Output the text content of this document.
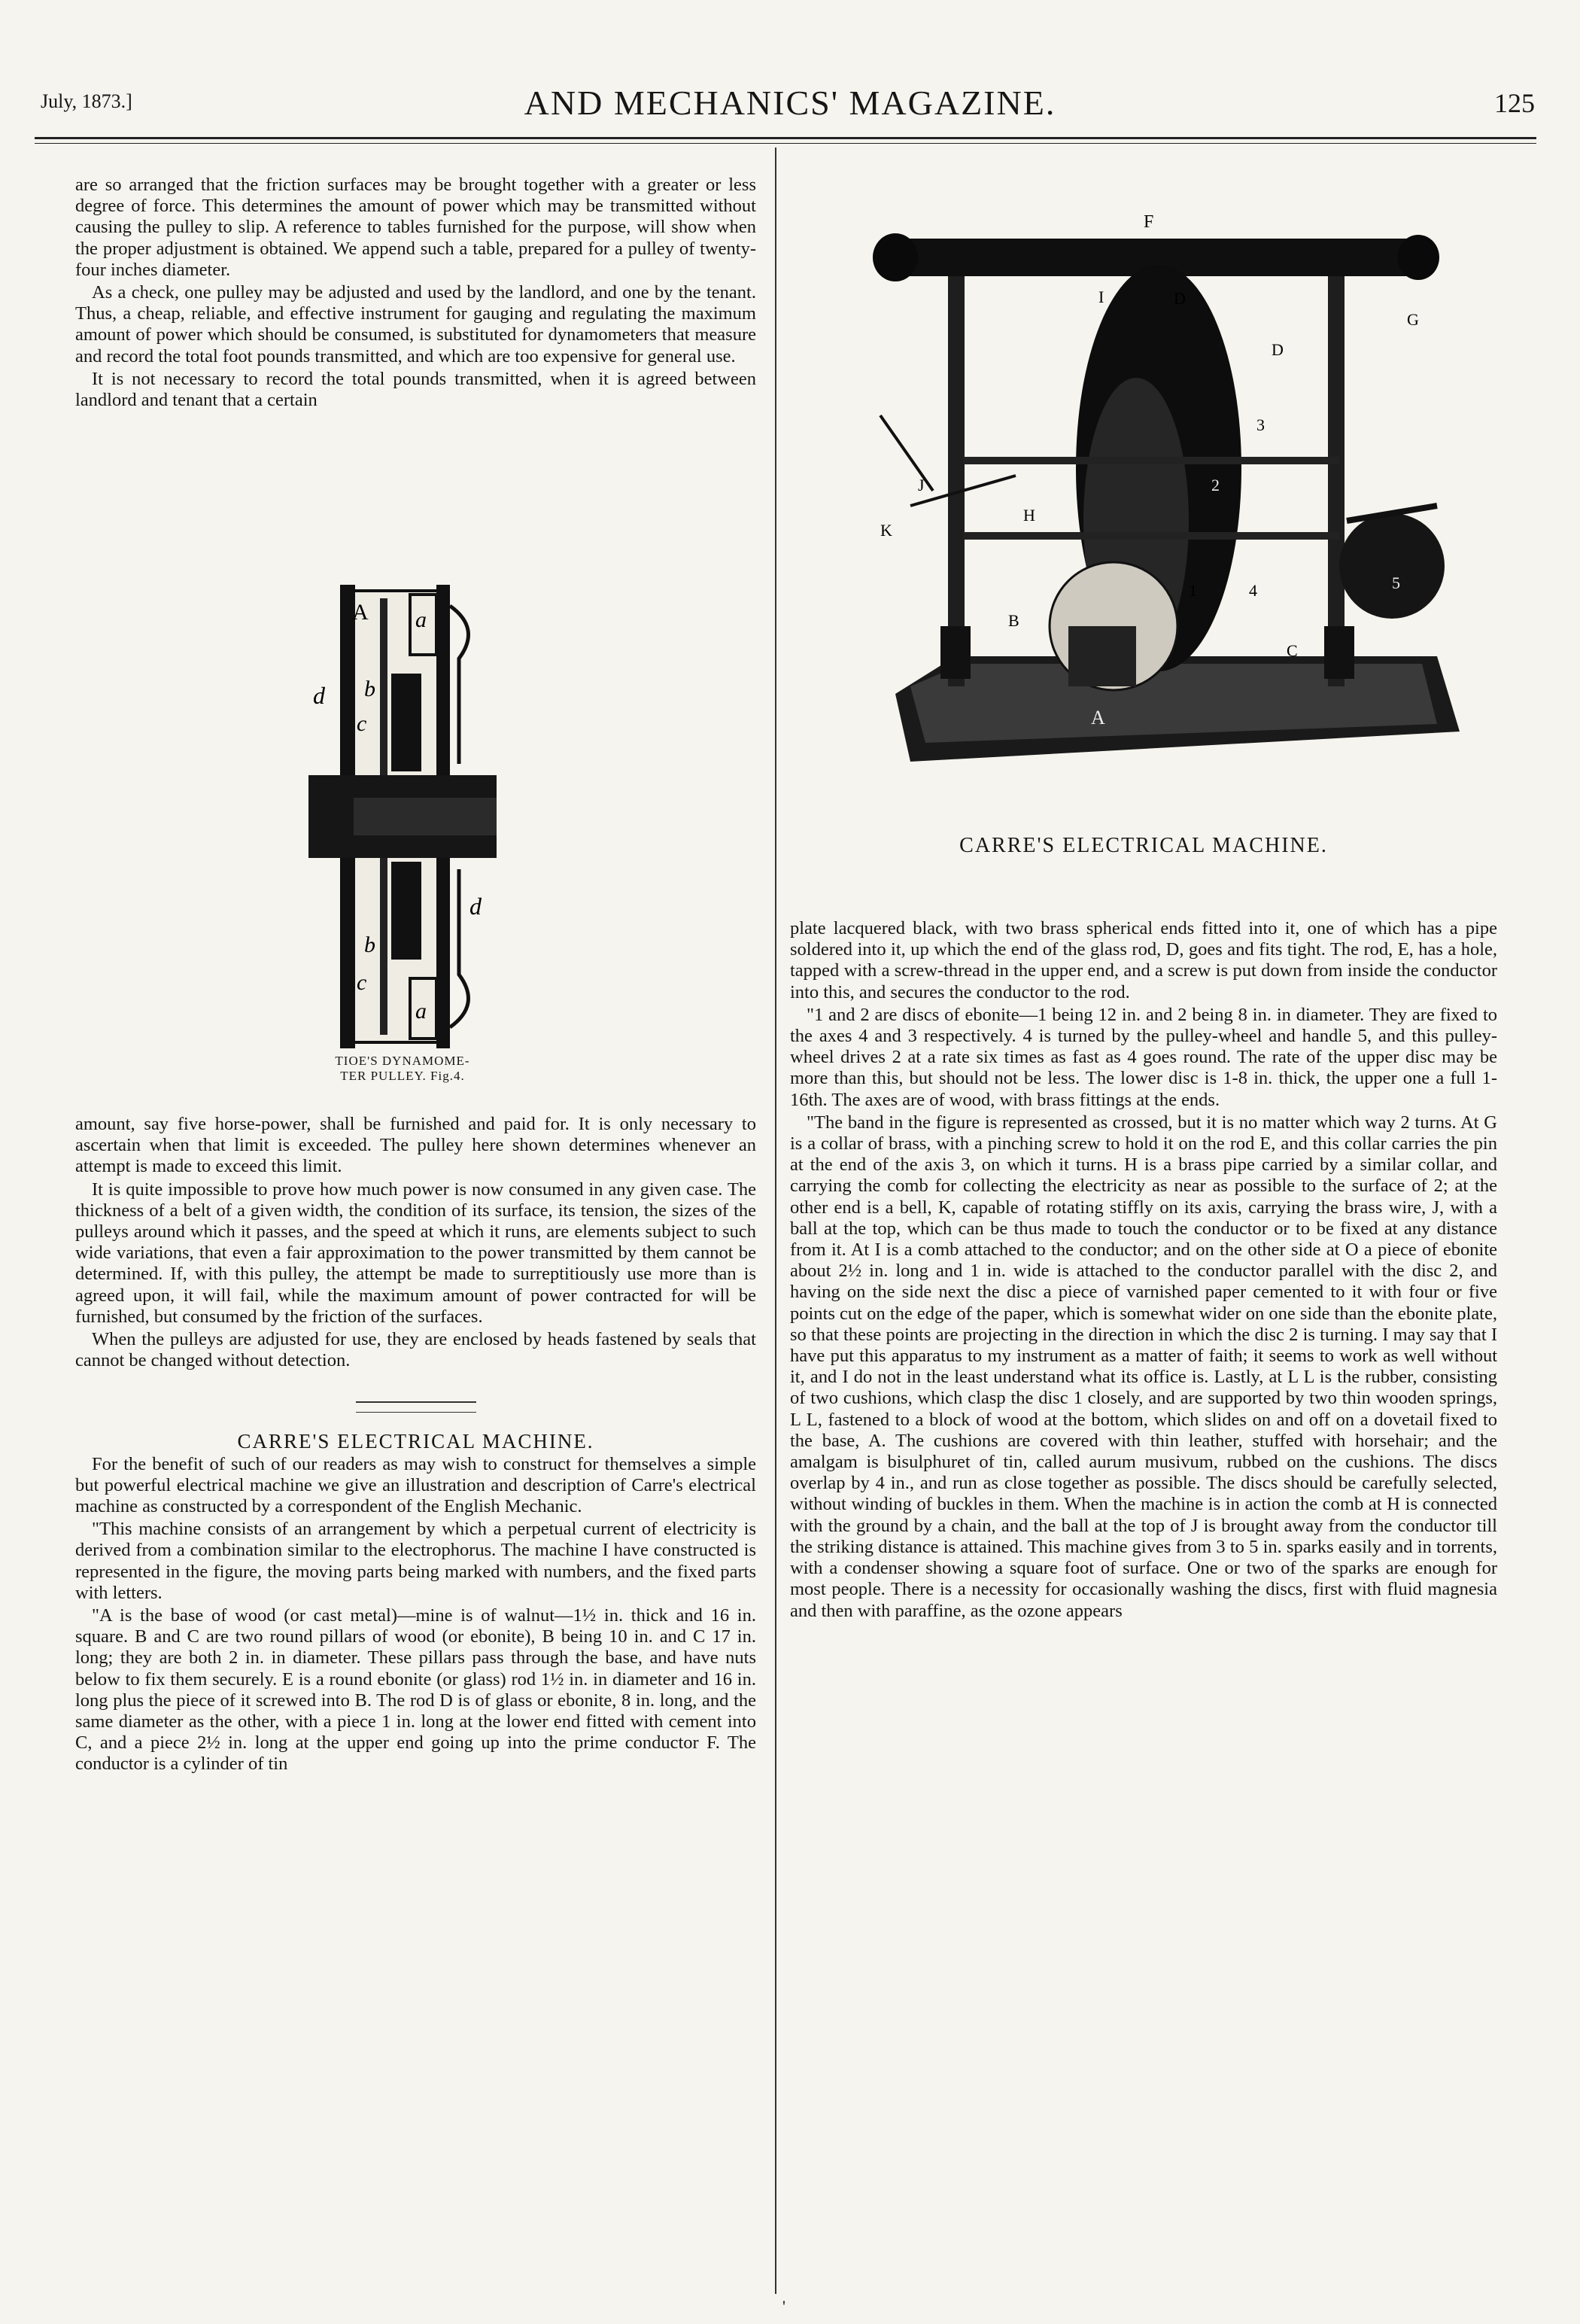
July, 1873.]	AND MECHANICS' MAGAZINE.	125

are so arranged that the friction surfaces may be brought together with a greater or less degree of force. This determines the amount of power which may be transmitted without causing the pulley to slip. A reference to tables furnished for the purpose, will show when the proper adjustment is obtained. We append such a table, prepared for a pulley of twenty-four inches diameter.

As a check, one pulley may be adjusted and used by the landlord, and one by the tenant. Thus, a cheap, reliable, and effective instrument for gauging and regulating the maximum amount of power which should be consumed, is substituted for dynamometers that measure and record the total foot pounds transmitted, and which are too expensive for general use.

It is not necessary to record the total pounds transmitted, when it is agreed between landlord and tenant that a certain

A a
d b
c
d
b
c
a
TIOE'S DYNAMOME-
TER PULLEY. Fig.4.

amount, say five horse-power, shall be furnished and paid for. It is only necessary to ascertain when that limit is exceeded. The pulley here shown determines whenever an attempt is made to exceed this limit.

It is quite impossible to prove how much power is now consumed in any given case. The thickness of a belt of a given width, the condition of its surface, its tension, the sizes of the pulleys around which it passes, and the speed at which it runs, are elements subject to such wide variations, that even a fair approximation to the power transmitted by them cannot be determined. If, with this pulley, the attempt be made to surreptitiously use more than is agreed upon, it will fail, while the maximum amount of power contracted for will be furnished, but consumed by the friction of the surfaces.

When the pulleys are adjusted for use, they are enclosed by heads fastened by seals that cannot be changed without detection.

CARRE'S ELECTRICAL MACHINE.

For the benefit of such of our readers as may wish to construct for themselves a simple but powerful electrical machine we give an illustration and description of Carre's electrical machine as constructed by a correspondent of the English Mechanic.

"This machine consists of an arrangement by which a perpetual current of electricity is derived from a combination similar to the electrophorus. The machine I have constructed is represented in the figure, the moving parts being marked with numbers, and the fixed parts with letters.

"A is the base of wood (or cast metal)—mine is of walnut—1½ in. thick and 16 in. square. B and C are two round pillars of wood (or ebonite), B being 10 in. and C 17 in. long; they are both 2 in. in diameter. These pillars pass through the base, and have nuts below to fix them securely. E is a round ebonite (or glass) rod 1½ in. in diameter and 16 in. long plus the piece of it screwed into B. The rod D is of glass or ebonite, 8 in. long, and the same diameter as the other, with a piece 1 in. long at the lower end fitted with cement into C, and a piece 2½ in. long at the upper end going up into the prime conductor F. The conductor is a cylinder of tin

F
I	D
D
G
3
2
J
K
H
4	5
1
B
C
A
CARRE'S ELECTRICAL MACHINE.

plate lacquered black, with two brass spherical ends fitted into it, one of which has a pipe soldered into it, up which the end of the glass rod, D, goes and fits tight. The rod, E, has a hole, tapped with a screw-thread in the upper end, and a screw is put down from inside the conductor into this, and secures the conductor to the rod.

"1 and 2 are discs of ebonite—1 being 12 in. and 2 being 8 in. in diameter. They are fixed to the axes 4 and 3 respectively. 4 is turned by the pulley-wheel and handle 5, and this pulley-wheel drives 2 at a rate six times as fast as 4 goes round. The rate of the upper disc may be more than this, but should not be less. The lower disc is 1-8 in. thick, the upper one a full 1-16th. The axes are of wood, with brass fittings at the ends.

"The band in the figure is represented as crossed, but it is no matter which way 2 turns. At G is a collar of brass, with a pinching screw to hold it on the rod E, and this collar carries the pin at the end of the axis 3, on which it turns. H is a brass pipe carried by a similar collar, and carrying the comb for collecting the electricity as near as possible to the surface of 2; at the other end is a bell, K, capable of rotating stiffly on its axis, carrying the brass wire, J, with a ball at the top, which can be thus made to touch the conductor or to be fixed at any distance from it. At I is a comb attached to the conductor; and on the other side at O a piece of ebonite about 2½ in. long and 1 in. wide is attached to the conductor parallel with the disc 2, and having on the side next the disc a piece of varnished paper cemented to it with four or five points cut on the edge of the paper, which is somewhat wider on one side than the ebonite plate, so that these points are projecting in the direction in which the disc 2 is turning. I may say that I have put this apparatus to my instrument as a matter of faith; it seems to work as well without it, and I do not in the least understand what its office is. Lastly, at L L is the rubber, consisting of two cushions, which clasp the disc 1 closely, and are supported by two thin wooden springs, L L, fastened to a block of wood at the bottom, which slides on and off on a dovetail fixed to the base, A. The cushions are covered with thin leather, stuffed with horsehair; and the amalgam is bisulphuret of tin, called aurum musivum, rubbed on the cushions. The discs overlap by 4 in., and run as close together as possible. The discs should be carefully selected, without winding of buckles in them. When the machine is in action the comb at H is connected with the ground by a chain, and the ball at the top of J is brought away from the conductor till the striking distance is attained. This machine gives from 3 to 5 in. sparks easily and in torrents, with a condenser showing a square foot of surface. One or two of the sparks are enough for most people. There is a necessity for occasionally washing the discs, first with fluid magnesia and then with paraffine, as the ozone appears

'
